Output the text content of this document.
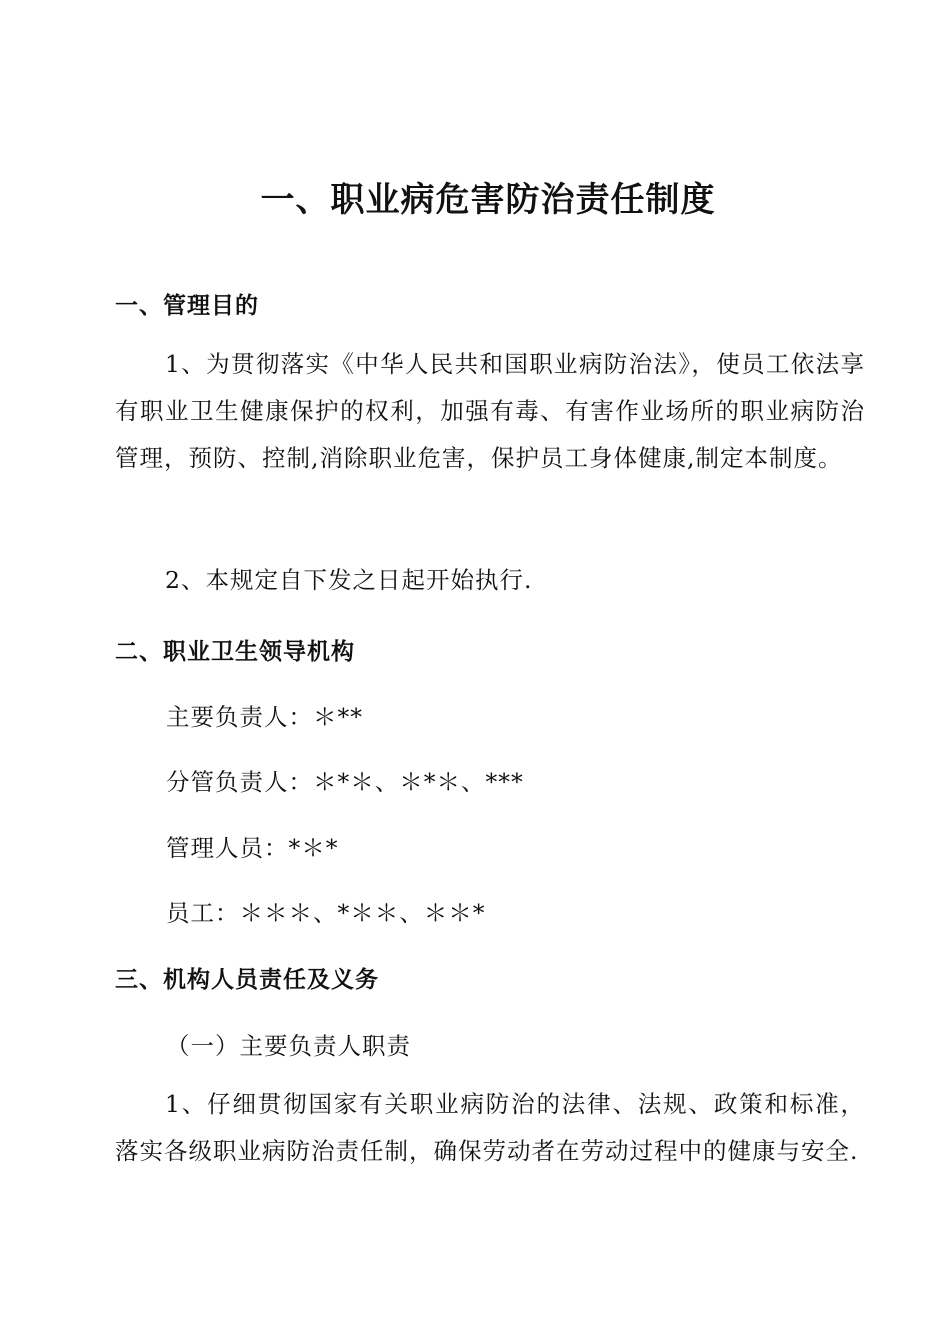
一、职业病危害防治责任制度
一、管理目的
1、为贯彻落实《中华人民共和国职业病防治法》，使员工依法享有职业卫生健康保护的权利，加强有毒、有害作业场所的职业病防治管理，预防、控制,消除职业危害，保护员工身体健康,制定本制度。
2、本规定自下发之日起开始执行.
二、职业卫生领导机构
主要负责人：＊**
分管负责人：＊*＊、＊*＊、***
管理人员：*＊*
员工：＊＊＊、*＊＊、＊＊*
三、机构人员责任及义务
（一）主要负责人职责
1、仔细贯彻国家有关职业病防治的法律、法规、政策和标准，落实各级职业病防治责任制，确保劳动者在劳动过程中的健康与安全.
